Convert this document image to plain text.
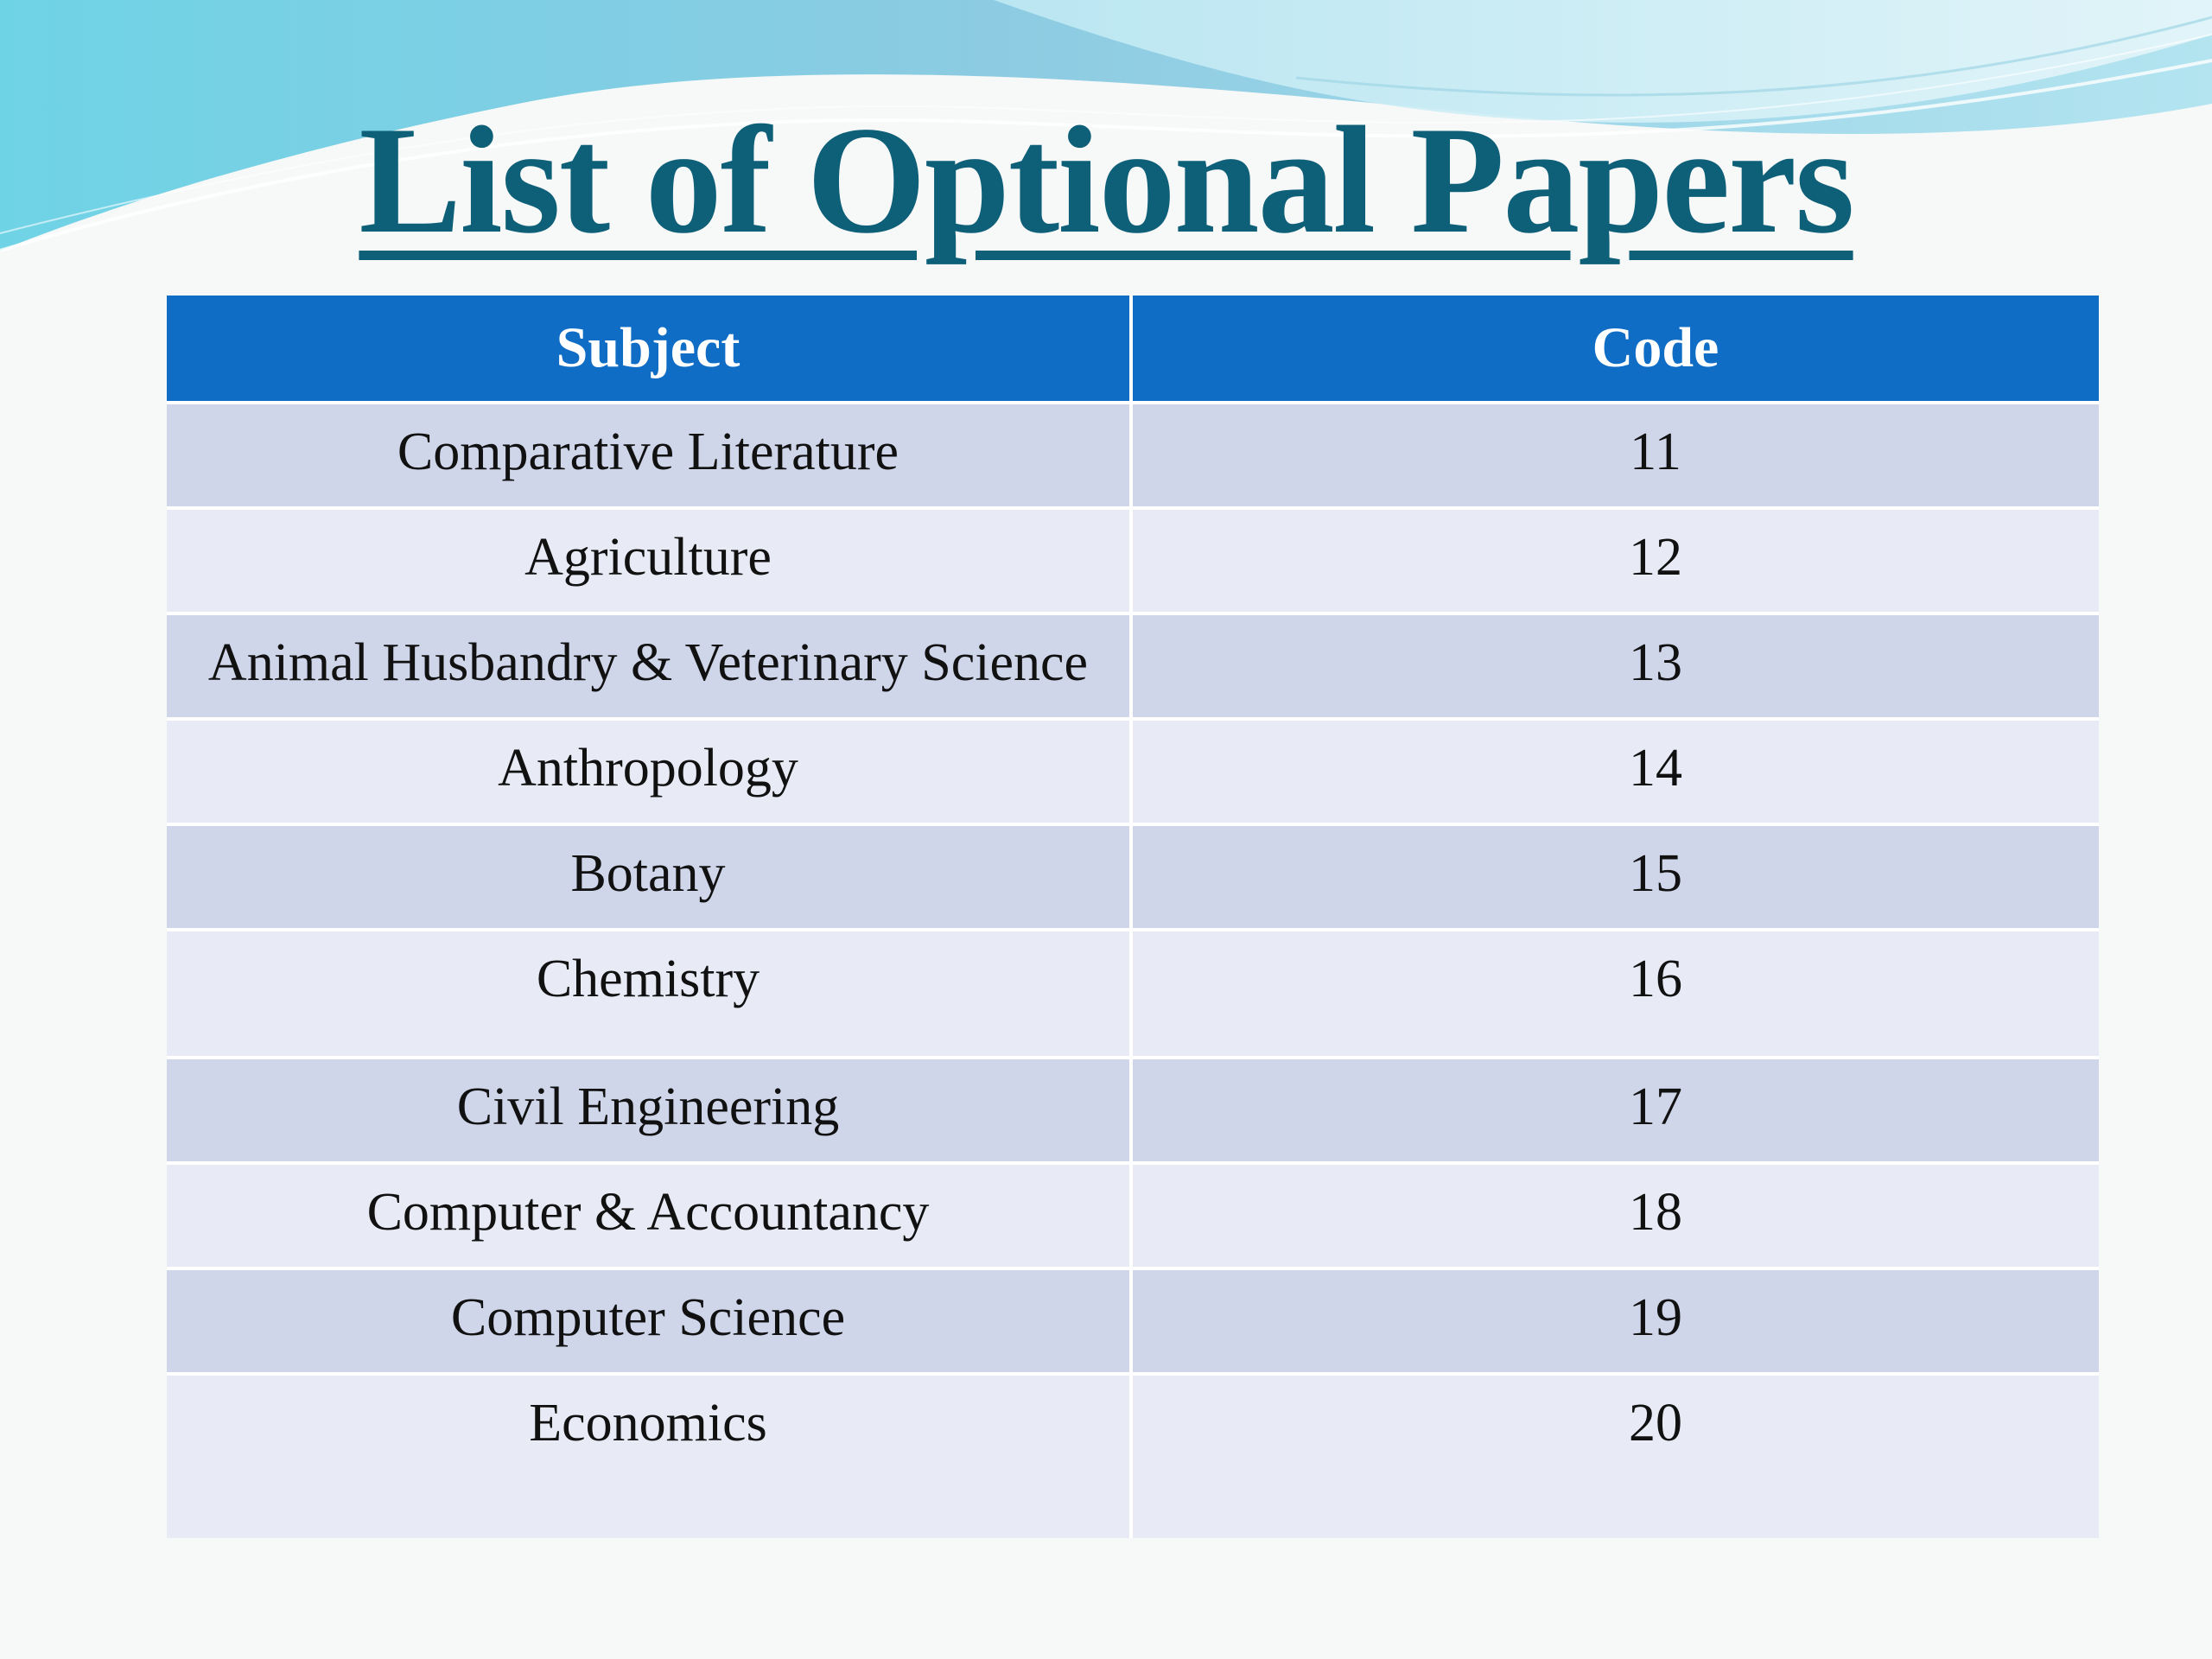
List of Optional Papers
Subject	Code
Comparative Literature	11
Agriculture	12
Animal Husbandry & Veterinary Science	13
Anthropology	14
Botany	15
Chemistry	16
Civil Engineering	17
Computer & Accountancy	18
Computer Science	19
Economics	20
